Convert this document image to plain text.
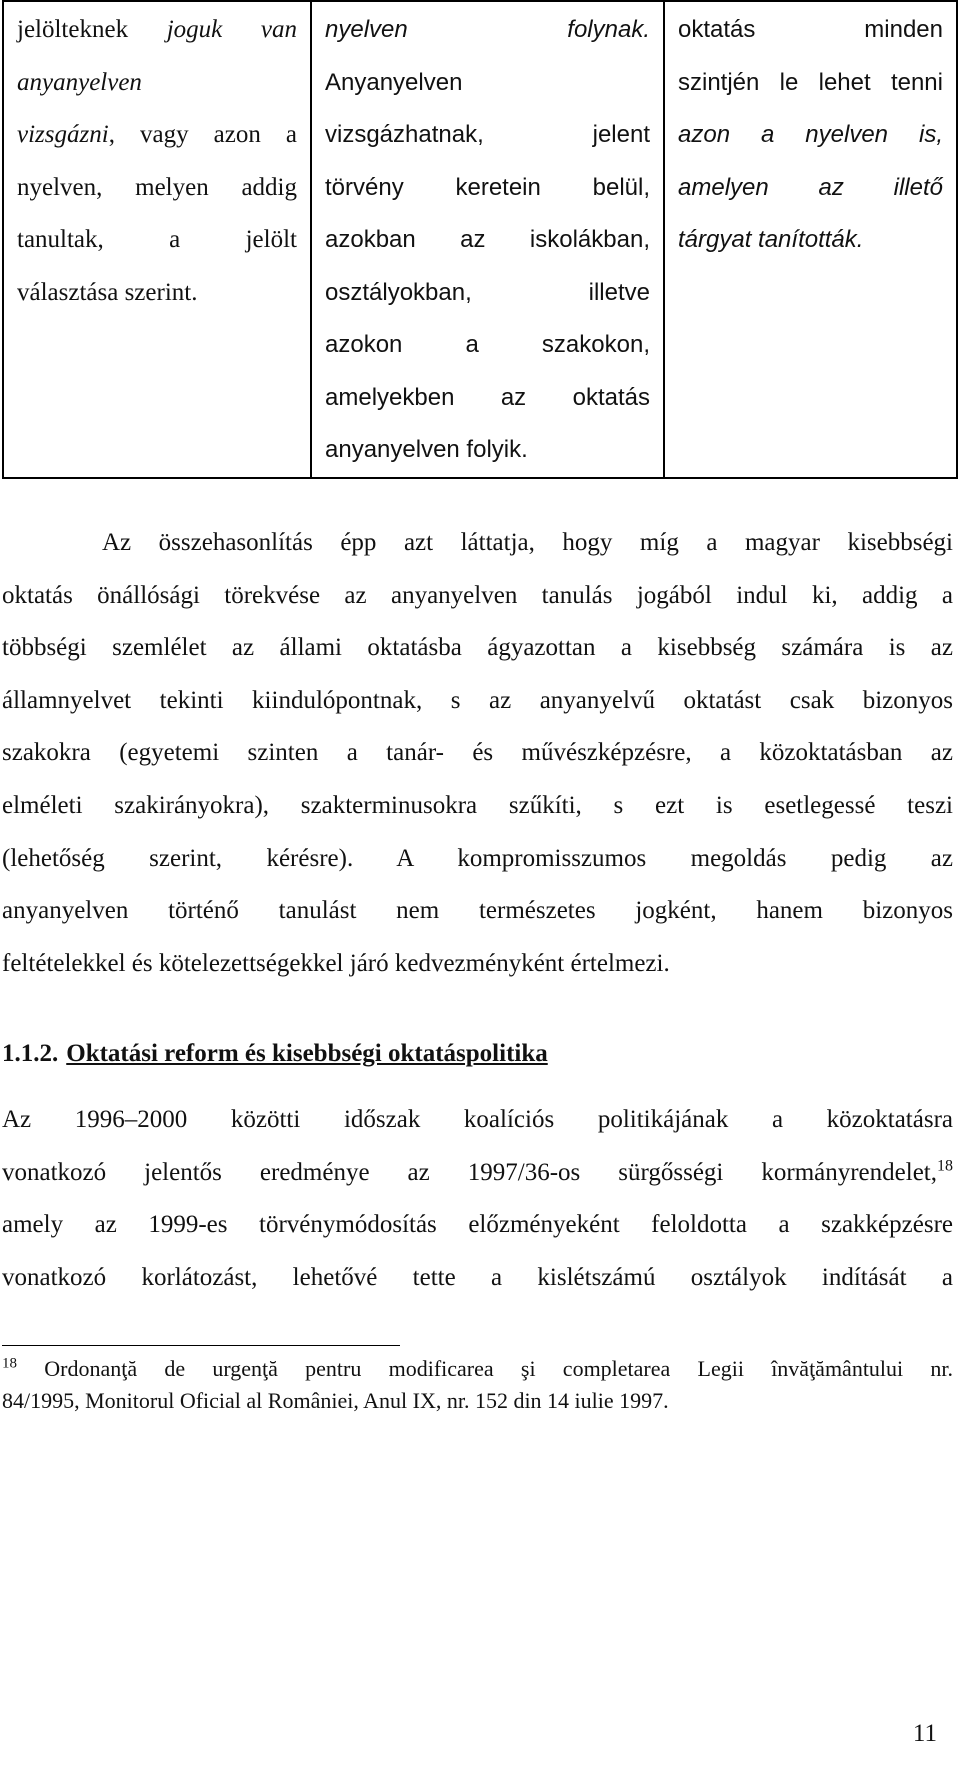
jelölteknek joguk van
anyanyelven
vizsgázni, vagy azon a
nyelven, melyen addig
tanultak, a jelölt
választása szerint.

nyelven folynak.
Anyanyelven
vizsgázhatnak, jelent
törvény keretein belül,
azokban az iskolákban,
osztályokban, illetve
azokon a szakokon,
amelyekben az oktatás
anyanyelven folyik.

oktatás minden
szintjén le lehet tenni
azon a nyelven is,
amelyen az illető
tárgyat tanították.
Az összehasonlítás épp azt láttatja, hogy míg a magyar kisebbségi
oktatás önállósági törekvése az anyanyelven tanulás jogából indul ki, addig a
többségi szemlélet az állami oktatásba ágyazottan a kisebbség számára is az
államnyelvet tekinti kiindulópontnak, s az anyanyelvű oktatást csak bizonyos
szakokra (egyetemi szinten a tanár- és művészképzésre, a közoktatásban az
elméleti szakirányokra), szakterminusokra szűkíti, s ezt is esetlegessé teszi
(lehetőség szerint, kérésre). A kompromisszumos megoldás pedig az
anyanyelven történő tanulást nem természetes jogként, hanem bizonyos
feltételekkel és kötelezettségekkel járó kedvezményként értelmezi.
1.1.2. Oktatási reform és kisebbségi oktatáspolitika
Az 1996–2000 közötti időszak koalíciós politikájának a közoktatásra
vonatkozó jelentős eredménye az 1997/36-os sürgősségi kormányrendelet,$^{18}$
amely az 1999-es törvénymódosítás előzményeként feloldotta a szakképzésre
vonatkozó korlátozást, lehetővé tette a kislétszámú osztályok indítását a
$^{18}$ Ordonanţă de urgenţă pentru modificarea şi completarea Legii învăţământului nr.
84/1995, Monitorul Oficial al României, Anul IX, nr. 152 din 14 iulie 1997.
11
